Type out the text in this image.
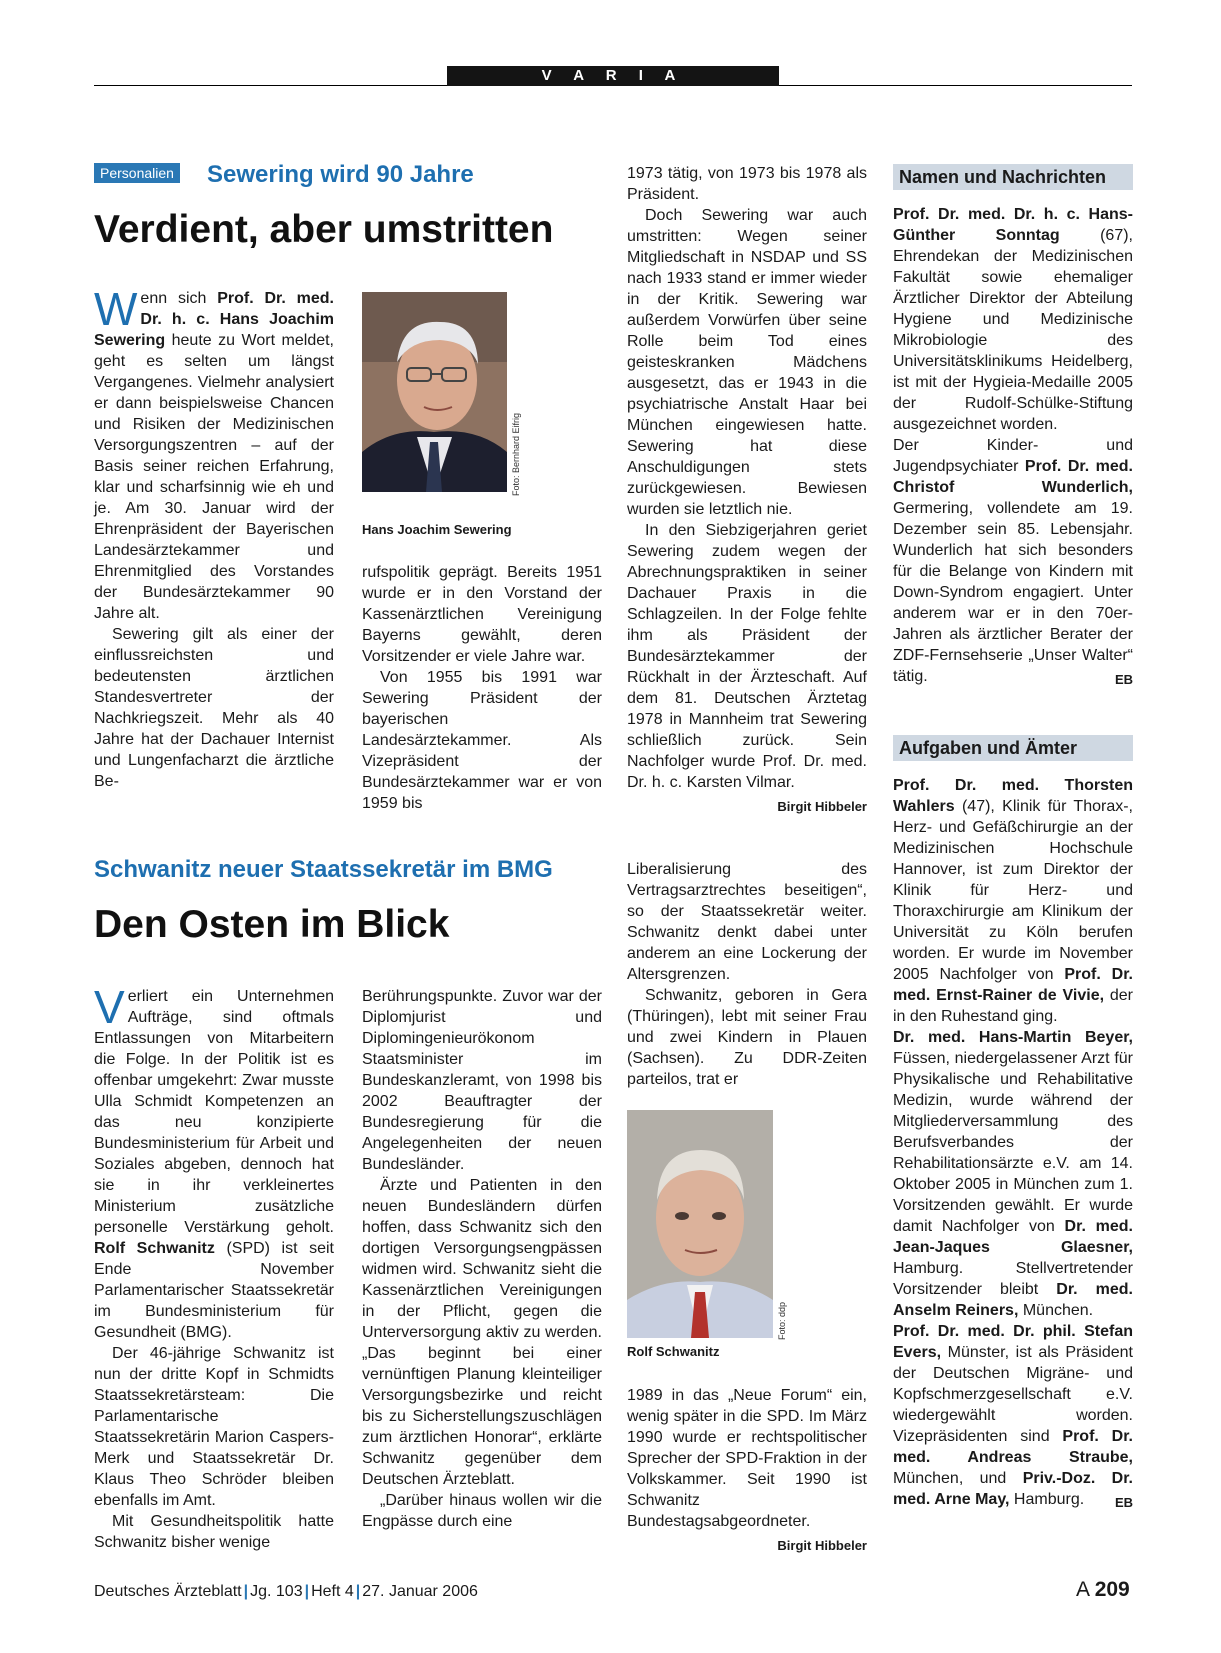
V A R I A
Personalien Sewering wird 90 Jahre
Verdient, aber umstritten

Wenn sich Prof. Dr. med. Dr. h. c. Hans Joachim Sewering heute zu Wort meldet, geht es selten um längst Vergangenes. Vielmehr analysiert er dann beispielsweise Chancen und Risiken der Medizinischen Versorgungszentren – auf der Basis seiner reichen Erfahrung, klar und scharfsinnig wie eh und je. Am 30. Januar wird der Ehrenpräsident der Bayerischen Landesärztekammer und Ehrenmitglied des Vorstandes der Bundesärztekammer 90 Jahre alt.

Sewering gilt als einer der einflussreichsten und bedeutensten ärztlichen Standesvertreter der Nachkriegszeit. Mehr als 40 Jahre hat der Dachauer Internist und Lungenfacharzt die ärztliche Be-

Foto: Bernhard Eifrig
Hans Joachim Sewering

rufspolitik geprägt. Bereits 1951 wurde er in den Vorstand der Kassenärztlichen Vereinigung Bayerns gewählt, deren Vorsitzender er viele Jahre war.

Von 1955 bis 1991 war Sewering Präsident der bayerischen Landesärztekammer. Als Vizepräsident der Bundesärztekammer war er von 1959 bis

1973 tätig, von 1973 bis 1978 als Präsident.

Doch Sewering war auch umstritten: Wegen seiner Mitgliedschaft in NSDAP und SS nach 1933 stand er immer wieder in der Kritik. Sewering war außerdem Vorwürfen über seine Rolle beim Tod eines geisteskranken Mädchens ausgesetzt, das er 1943 in die psychiatrische Anstalt Haar bei München eingewiesen hatte. Sewering hat diese Anschuldigungen stets zurückgewiesen. Bewiesen wurden sie letztlich nie.

In den Siebzigerjahren geriet Sewering zudem wegen der Abrechnungspraktiken in seiner Dachauer Praxis in die Schlagzeilen. In der Folge fehlte ihm als Präsident der Bundesärztekammer der Rückhalt in der Ärzteschaft. Auf dem 81. Deutschen Ärztetag 1978 in Mannheim trat Sewering schließlich zurück. Sein Nachfolger wurde Prof. Dr. med. Dr. h. c. Karsten Vilmar.
Birgit Hibbeler

Schwanitz neuer Staatssekretär im BMG
Den Osten im Blick

Verliert ein Unternehmen Aufträge, sind oftmals Entlassungen von Mitarbeitern die Folge. In der Politik ist es offenbar umgekehrt: Zwar musste Ulla Schmidt Kompetenzen an das neu konzipierte Bundesministerium für Arbeit und Soziales abgeben, dennoch hat sie in ihr verkleinertes Ministerium zusätzliche personelle Verstärkung geholt. Rolf Schwanitz (SPD) ist seit Ende November Parlamentarischer Staatssekretär im Bundesministerium für Gesundheit (BMG).

Der 46-jährige Schwanitz ist nun der dritte Kopf in Schmidts Staatssekretärsteam: Die Parlamentarische Staatssekretärin Marion Caspers-Merk und Staatssekretär Dr. Klaus Theo Schröder bleiben ebenfalls im Amt.

Mit Gesundheitspolitik hatte Schwanitz bisher wenige

Berührungspunkte. Zuvor war der Diplomjurist und Diplomingenieurökonom Staatsminister im Bundeskanzleramt, von 1998 bis 2002 Beauftragter der Bundesregierung für die Angelegenheiten der neuen Bundesländer.

Ärzte und Patienten in den neuen Bundesländern dürfen hoffen, dass Schwanitz sich den dortigen Versorgungsengpässen widmen wird. Schwanitz sieht die Kassenärztlichen Vereinigungen in der Pflicht, gegen die Unterversorgung aktiv zu werden. „Das beginnt bei einer vernünftigen Planung kleinteiliger Versorgungsbezirke und reicht bis zu Sicherstellungszuschlägen zum ärztlichen Honorar“, erklärte Schwanitz gegenüber dem Deutschen Ärzteblatt.

„Darüber hinaus wollen wir die Engpässe durch eine

Liberalisierung des Vertragsarztrechtes beseitigen“, so der Staatssekretär weiter. Schwanitz denkt dabei unter anderem an eine Lockerung der Altersgrenzen.

Schwanitz, geboren in Gera (Thüringen), lebt mit seiner Frau und zwei Kindern in Plauen (Sachsen). Zu DDR-Zeiten parteilos, trat er

Foto: ddp
Rolf Schwanitz

1989 in das „Neue Forum“ ein, wenig später in die SPD. Im März 1990 wurde er rechtspolitischer Sprecher der SPD-Fraktion in der Volkskammer. Seit 1990 ist Schwanitz Bundestagsabgeordneter.
Birgit Hibbeler

Namen und Nachrichten

Prof. Dr. med. Dr. h. c. Hans-Günther Sonntag (67), Ehrendekan der Medizinischen Fakultät sowie ehemaliger Ärztlicher Direktor der Abteilung Hygiene und Medizinische Mikrobiologie des Universitätsklinikums Heidelberg, ist mit der Hygieia-Medaille 2005 der Rudolf-Schülke-Stiftung ausgezeichnet worden.

Der Kinder- und Jugendpsychiater Prof. Dr. med. Christof Wunderlich, Germering, vollendete am 19. Dezember sein 85. Lebensjahr. Wunderlich hat sich besonders für die Belange von Kindern mit Down-Syndrom engagiert. Unter anderem war er in den 70er-Jahren als ärztlicher Berater der ZDF-Fernsehserie „Unser Walter“ tätig.	EB

Aufgaben und Ämter

Prof. Dr. med. Thorsten Wahlers (47), Klinik für Thorax-, Herz- und Gefäßchirurgie an der Medizinischen Hochschule Hannover, ist zum Direktor der Klinik für Herz- und Thoraxchirurgie am Klinikum der Universität zu Köln berufen worden. Er wurde im November 2005 Nachfolger von Prof. Dr. med. Ernst-Rainer de Vivie, der in den Ruhestand ging.

Dr. med. Hans-Martin Beyer, Füssen, niedergelassener Arzt für Physikalische und Rehabilitative Medizin, wurde während der Mitgliederversammlung des Berufsverbandes der Rehabilitationsärzte e.V. am 14. Oktober 2005 in München zum 1. Vorsitzenden gewählt. Er wurde damit Nachfolger von Dr. med. Jean-Jaques Glaesner, Hamburg. Stellvertretender Vorsitzender bleibt Dr. med. Anselm Reiners, München.

Prof. Dr. med. Dr. phil. Stefan Evers, Münster, ist als Präsident der Deutschen Migräne- und Kopfschmerzgesellschaft e.V. wiedergewählt worden. Vizepräsidenten sind Prof. Dr. med. Andreas Straube, München, und Priv.-Doz. Dr. med. Arne May, Hamburg. EB

Deutsches Ärzteblatt | Jg. 103 | Heft 4 | 27. Januar 2006	A 209
